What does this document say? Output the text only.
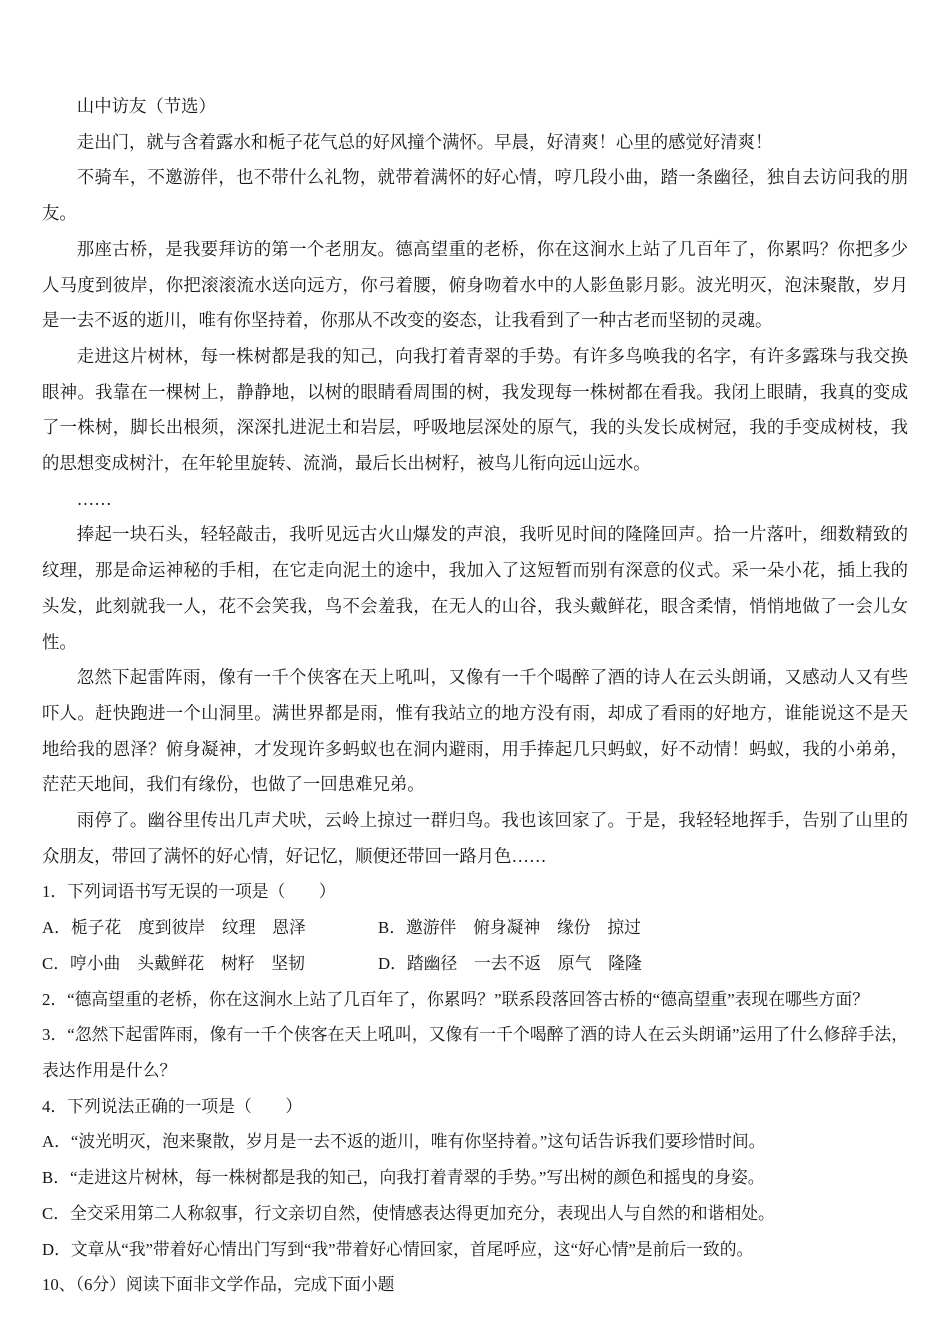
山中访友（节选）

走出门，就与含着露水和栀子花气总的好风撞个满怀。早晨，好清爽！心里的感觉好清爽！

不骑车，不邀游伴，也不带什么礼物，就带着满怀的好心情，哼几段小曲，踏一条幽径，独自去访问我的朋友。

那座古桥，是我要拜访的第一个老朋友。德高望重的老桥，你在这涧水上站了几百年了，你累吗？你把多少人马度到彼岸，你把滚滚流水送向远方，你弓着腰，俯身吻着水中的人影鱼影月影。波光明灭，泡沫聚散，岁月是一去不返的逝川，唯有你坚持着，你那从不改变的姿态，让我看到了一种古老而坚韧的灵魂。

走进这片树林，每一株树都是我的知己，向我打着青翠的手势。有许多鸟唤我的名字，有许多露珠与我交换眼神。我靠在一棵树上，静静地，以树的眼睛看周围的树，我发现每一株树都在看我。我闭上眼睛，我真的变成了一株树，脚长出根须，深深扎进泥土和岩层，呼吸地层深处的原气，我的头发长成树冠，我的手变成树枝，我的思想变成树汁，在年轮里旋转、流淌，最后长出树籽，被鸟儿衔向远山远水。

……

捧起一块石头，轻轻敲击，我听见远古火山爆发的声浪，我听见时间的隆隆回声。拾一片落叶，细数精致的纹理，那是命运神秘的手相，在它走向泥土的途中，我加入了这短暂而别有深意的仪式。采一朵小花，插上我的头发，此刻就我一人，花不会笑我，鸟不会羞我，在无人的山谷，我头戴鲜花，眼含柔情，悄悄地做了一会儿女性。

忽然下起雷阵雨，像有一千个侠客在天上吼叫，又像有一千个喝醉了酒的诗人在云头朗诵，又感动人又有些吓人。赶快跑进一个山洞里。满世界都是雨，惟有我站立的地方没有雨，却成了看雨的好地方，谁能说这不是天地给我的恩泽？俯身凝神，才发现许多蚂蚁也在洞内避雨，用手捧起几只蚂蚁，好不动情！蚂蚁，我的小弟弟，茫茫天地间，我们有缘份，也做了一回患难兄弟。

雨停了。幽谷里传出几声犬吠，云岭上掠过一群归鸟。我也该回家了。于是，我轻轻地挥手，告别了山里的众朋友，带回了满怀的好心情，好记忆，顺便还带回一路月色……

1．下列词语书写无误的一项是（　　）

A．栀子花　度到彼岸　纹理　恩泽	B．邀游伴　俯身凝神　缘份　掠过
C．哼小曲　头戴鲜花　树籽　坚韧	D．踏幽径　一去不返　原气　隆隆

2．“德高望重的老桥，你在这涧水上站了几百年了，你累吗？”联系段落回答古桥的“德高望重”表现在哪些方面？

3．“忽然下起雷阵雨，像有一千个侠客在天上吼叫，又像有一千个喝醉了酒的诗人在云头朗诵”运用了什么修辞手法，表达作用是什么？

4．下列说法正确的一项是（　　）

A．“波光明灭，泡来聚散，岁月是一去不返的逝川，唯有你坚持着。”这句话告诉我们要珍惜时间。

B．“走进这片树林，每一株树都是我的知己，向我打着青翠的手势。”写出树的颜色和摇曳的身姿。

C．全交采用第二人称叙事，行文亲切自然，使情感表达得更加充分，表现出人与自然的和谐相处。

D．文章从“我”带着好心情出门写到“我”带着好心情回家，首尾呼应，这“好心情”是前后一致的。

10、（6分）阅读下面非文学作品，完成下面小题
